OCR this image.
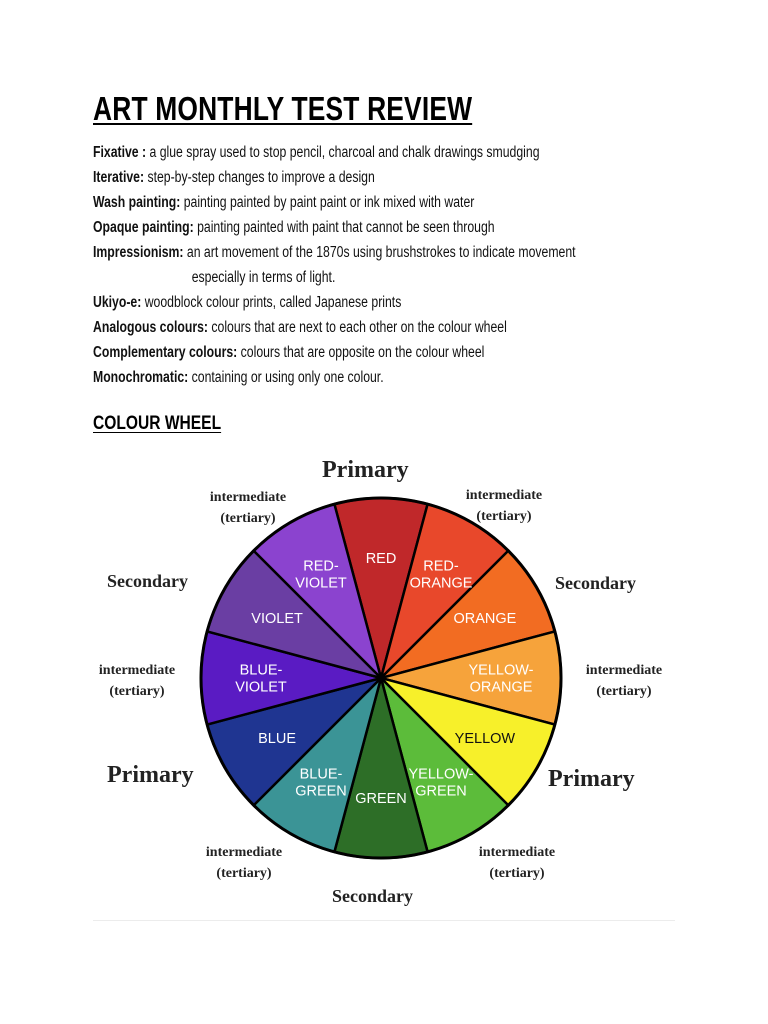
ART MONTHLY TEST REVIEW
Fixative : a glue spray used to stop pencil, charcoal and chalk drawings smudging
Iterative: step-by-step changes to improve a design
Wash painting: painting painted by paint paint or ink mixed with water
Opaque painting: painting painted with paint that cannot be seen through
Impressionism: an art movement of the 1870s using brushstrokes to indicate movement
especially in terms of light.
Ukiyo-e: woodblock colour prints, called Japanese prints
Analogous colours: colours that are next to each other on the colour wheel
Complementary colours: colours that are opposite on the colour wheel
Monochromatic: containing or using only one colour.
COLOUR WHEEL
RED	RED-ORANGE
ORANGE
YELLOW-ORANGE
YELLOW
YELLOW-GREEN
GREEN
BLUE-GREEN
BLUE
BLUE-VIOLET
VIOLET
RED-VIOLET
Primary
Primary	Primary
Secondary	Secondary
Secondary
intermediate
(tertiary)
intermediate
(tertiary)
intermediate
(tertiary)
intermediate
(tertiary)
intermediate
(tertiary)
intermediate
(tertiary)
